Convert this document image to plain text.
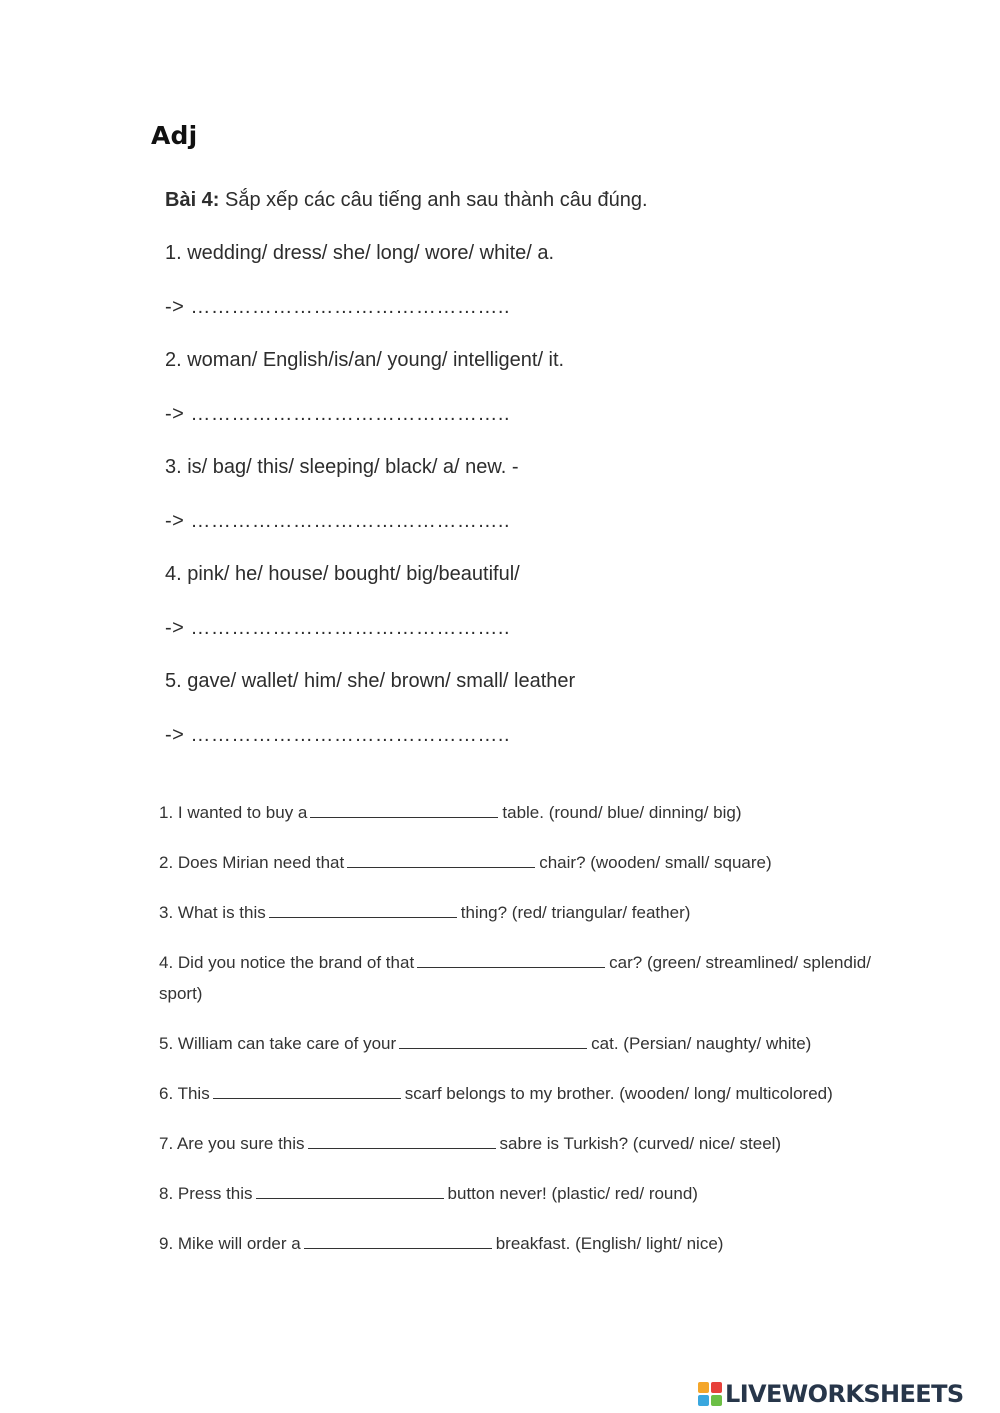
Adj
Bài 4: Sắp xếp các câu tiếng anh sau thành câu đúng.
1. wedding/ dress/ she/ long/ wore/ white/ a.
-> ………………………………………..
2. woman/ English/is/an/ young/ intelligent/ it.
-> ………………………………………..
3. is/ bag/ this/ sleeping/ black/ a/ new. -
-> ………………………………………..
4. pink/ he/ house/ bought/ big/beautiful/
-> ………………………………………..
5. gave/ wallet/ him/ she/ brown/ small/ leather
-> ………………………………………..
1. I wanted to buy a	table. (round/ blue/ dinning/ big)
2. Does Mirian need that	chair? (wooden/ small/ square)
3. What is this	thing? (red/ triangular/ feather)
4. Did you notice the brand of that	car? (green/ streamlined/ splendid/ sport)
5. William can take care of your	cat. (Persian/ naughty/ white)
6. This	scarf belongs to my brother. (wooden/ long/ multicolored)
7. Are you sure this	sabre is Turkish? (curved/ nice/ steel)
8. Press this	button never! (plastic/ red/ round)
9. Mike will order a	breakfast. (English/ light/ nice)
LIVEWORKSHEETS
